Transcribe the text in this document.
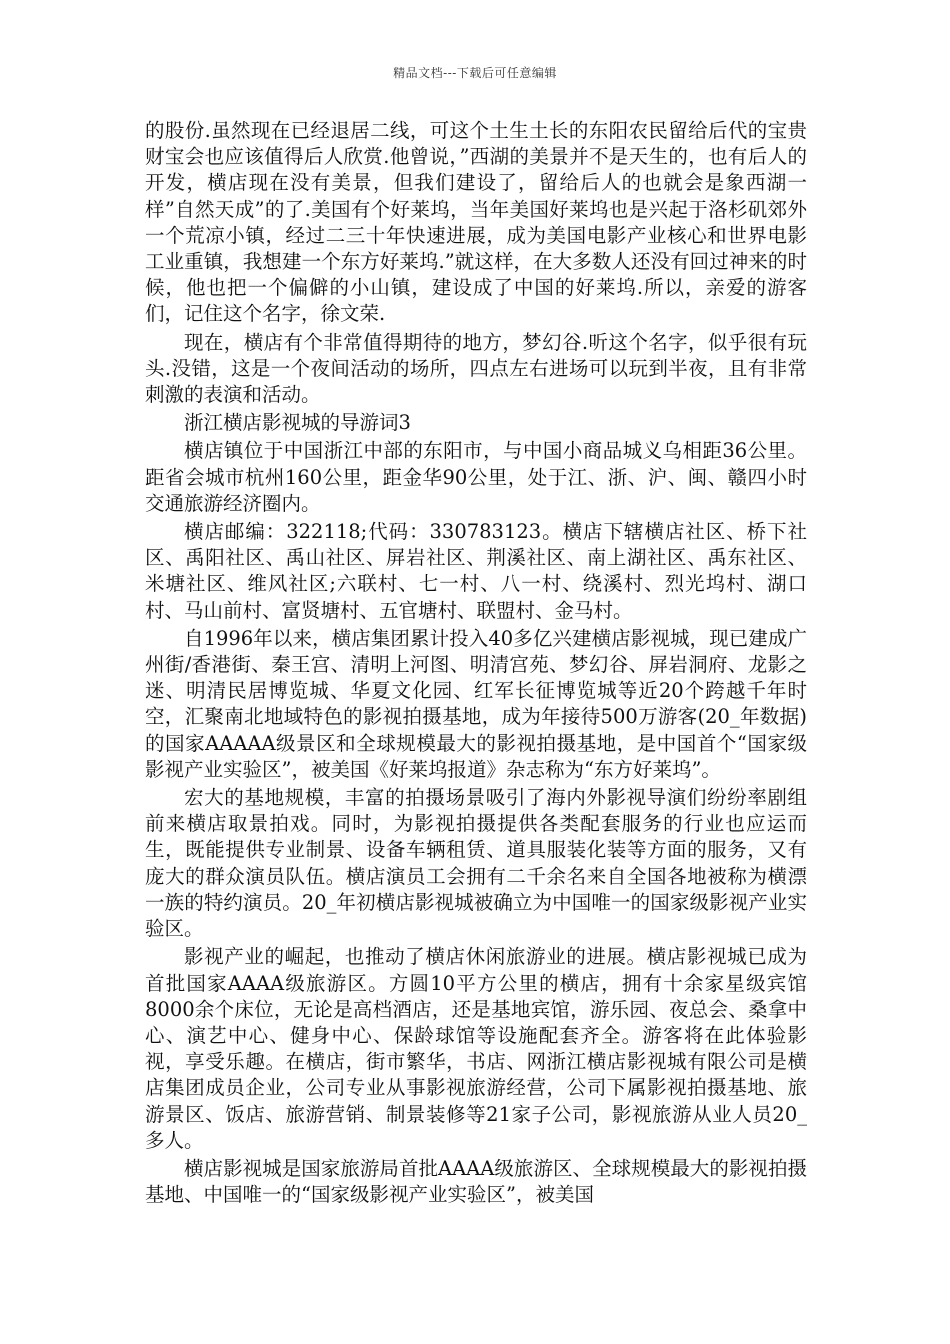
精品文档---下载后可任意编辑

的股份.虽然现在已经退居二线，可这个土生土长的东阳农民留给后代的宝贵财宝会也应该值得后人欣赏.他曾说，”西湖的美景并不是天生的，也有后人的开发，横店现在没有美景，但我们建设了，留给后人的也就会是象西湖一样”自然天成”的了.美国有个好莱坞，当年美国好莱坞也是兴起于洛杉矶郊外一个荒凉小镇，经过二三十年快速进展，成为美国电影产业核心和世界电影工业重镇，我想建一个东方好莱坞.”就这样，在大多数人还没有回过神来的时候，他也把一个偏僻的小山镇，建设成了中国的好莱坞.所以，亲爱的游客们，记住这个名字，徐文荣.

现在，横店有个非常值得期待的地方，梦幻谷.听这个名字，似乎很有玩头.没错，这是一个夜间活动的场所，四点左右进场可以玩到半夜，且有非常刺激的表演和活动。

浙江横店影视城的导游词3

横店镇位于中国浙江中部的东阳市，与中国小商品城义乌相距36公里。距省会城市杭州160公里，距金华90公里，处于江、浙、沪、闽、赣四小时交通旅游经济圈内。

横店邮编：322118;代码：330783123。横店下辖横店社区、桥下社区、禹阳社区、禹山社区、屏岩社区、荆溪社区、南上湖社区、禹东社区、米塘社区、维风社区;六联村、七一村、八一村、绕溪村、烈光坞村、湖口村、马山前村、富贤塘村、五官塘村、联盟村、金马村。

自1996年以来，横店集团累计投入40多亿兴建横店影视城，现已建成广州街/香港街、秦王宫、清明上河图、明清宫苑、梦幻谷、屏岩洞府、龙影之迷、明清民居博览城、华夏文化园、红军长征博览城等近20个跨越千年时空，汇聚南北地域特色的影视拍摄基地，成为年接待500万游客(20_年数据)的国家AAAAA级景区和全球规模最大的影视拍摄基地，是中国首个“国家级影视产业实验区”，被美国《好莱坞报道》杂志称为“东方好莱坞”。

宏大的基地规模，丰富的拍摄场景吸引了海内外影视导演们纷纷率剧组前来横店取景拍戏。同时，为影视拍摄提供各类配套服务的行业也应运而生，既能提供专业制景、设备车辆租赁、道具服装化装等方面的服务，又有庞大的群众演员队伍。横店演员工会拥有二千余名来自全国各地被称为横漂一族的特约演员。20_年初横店影视城被确立为中国唯一的国家级影视产业实验区。

影视产业的崛起，也推动了横店休闲旅游业的进展。横店影视城已成为首批国家AAAA级旅游区。方圆10平方公里的横店，拥有十余家星级宾馆8000余个床位，无论是高档酒店，还是基地宾馆，游乐园、夜总会、桑拿中心、演艺中心、健身中心、保龄球馆等设施配套齐全。游客将在此体验影视，享受乐趣。在横店，街市繁华，书店、网浙江横店影视城有限公司是横店集团成员企业，公司专业从事影视旅游经营，公司下属影视拍摄基地、旅游景区、饭店、旅游营销、制景装修等21家子公司，影视旅游从业人员20_多人。

横店影视城是国家旅游局首批AAAA级旅游区、全球规模最大的影视拍摄基地、中国唯一的“国家级影视产业实验区”，被美国
